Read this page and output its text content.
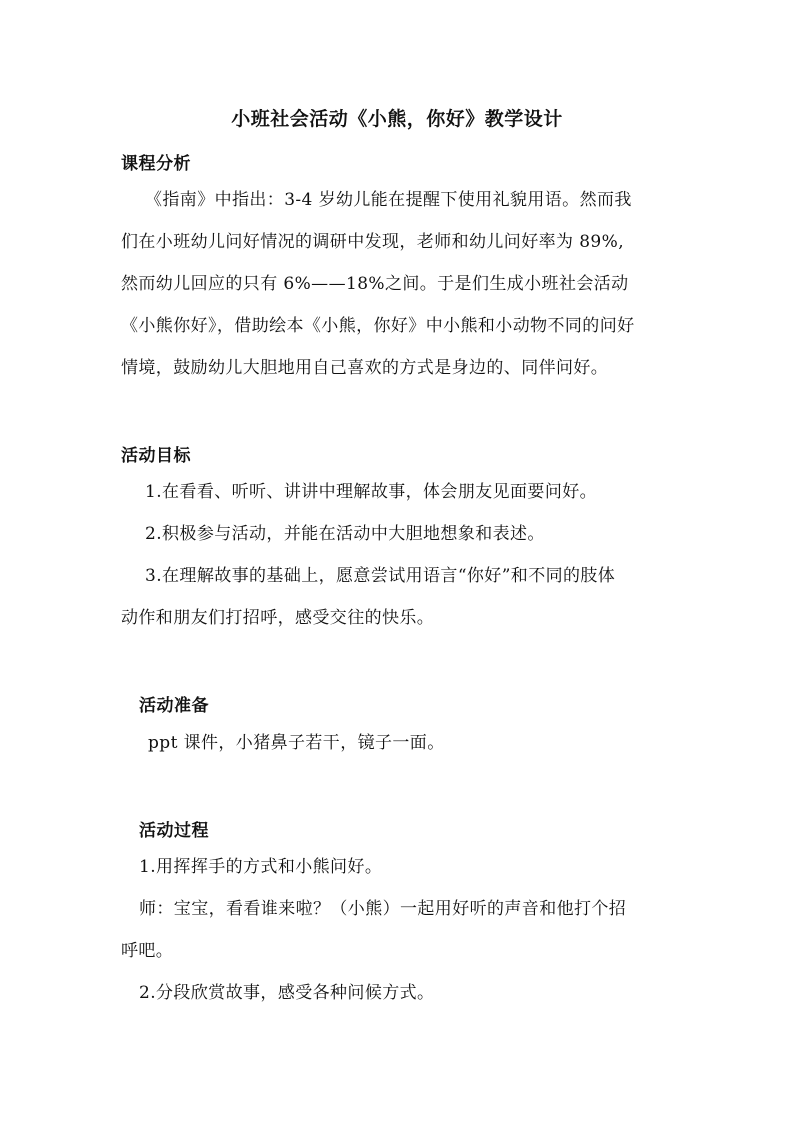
小班社会活动《小熊，你好》教学设计
课程分析
《指南》中指出：3-4 岁幼儿能在提醒下使用礼貌用语。然而我
们在小班幼儿问好情况的调研中发现，老师和幼儿问好率为 89%,
然而幼儿回应的只有 6%——18%之间。于是们生成小班社会活动
《小熊你好》，借助绘本《小熊，你好》中小熊和小动物不同的问好
情境，鼓励幼儿大胆地用自己喜欢的方式是身边的、同伴问好。
活动目标
1.在看看、听听、讲讲中理解故事，体会朋友见面要问好。
2.积极参与活动，并能在活动中大胆地想象和表述。
3.在理解故事的基础上，愿意尝试用语言“你好”和不同的肢体
动作和朋友们打招呼，感受交往的快乐。
活动准备
ppt 课件，小猪鼻子若干，镜子一面。
活动过程
1.用挥挥手的方式和小熊问好。
师：宝宝，看看谁来啦？（小熊）一起用好听的声音和他打个招
呼吧。
2.分段欣赏故事，感受各种问候方式。
